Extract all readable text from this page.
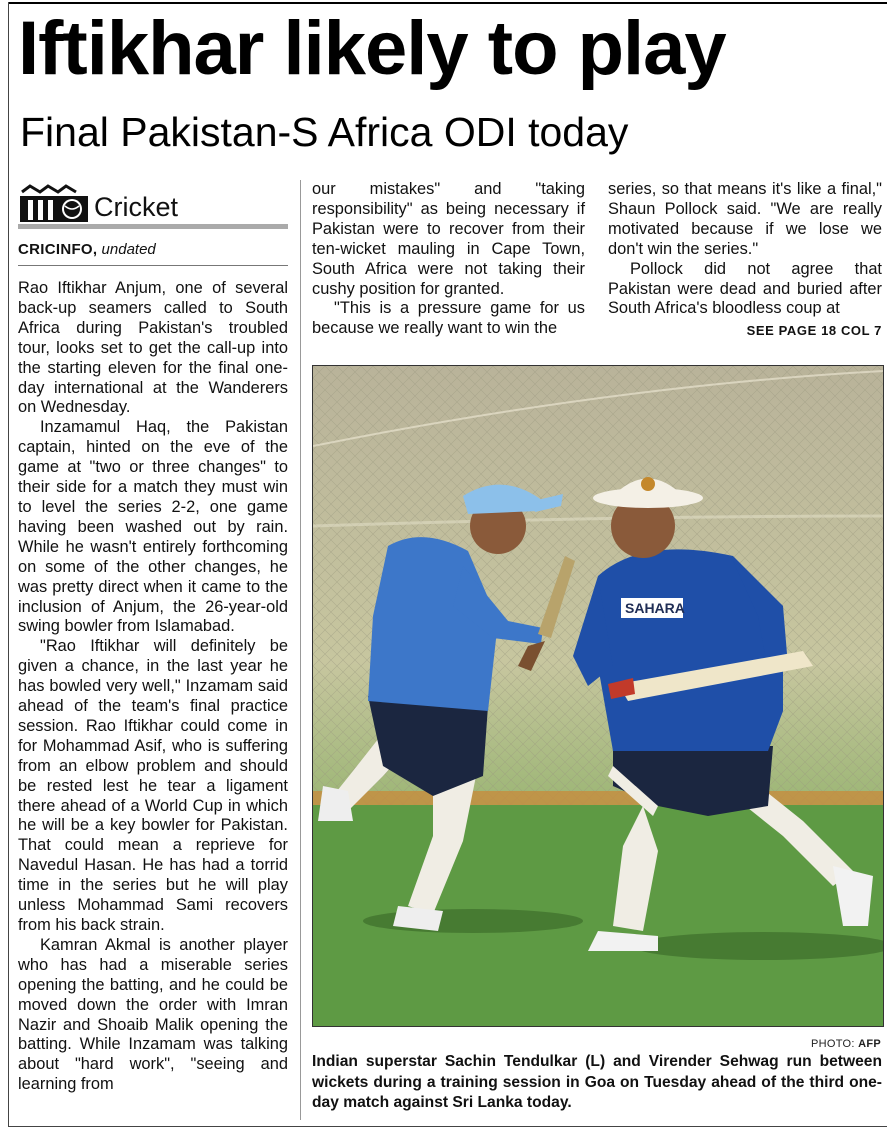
Iftikhar likely to play
Final Pakistan-S Africa ODI today
Cricket
CRICINFO, undated

Rao Iftikhar Anjum, one of several back-up seamers called to South Africa during Pakistan's troubled tour, looks set to get the call-up into the starting eleven for the final one-day international at the Wanderers on Wednesday.

Inzamamul Haq, the Pakistan captain, hinted on the eve of the game at "two or three changes" to their side for a match they must win to level the series 2-2, one game having been washed out by rain. While he wasn't entirely forthcoming on some of the other changes, he was pretty direct when it came to the inclusion of Anjum, the 26-year-old swing bowler from Islamabad.

"Rao Iftikhar will definitely be given a chance, in the last year he has bowled very well," Inzamam said ahead of the team's final practice session. Rao Iftikhar could come in for Mohammad Asif, who is suffering from an elbow problem and should be rested lest he tear a ligament there ahead of a World Cup in which he will be a key bowler for Pakistan. That could mean a reprieve for Navedul Hasan. He has had a torrid time in the series but he will play unless Mohammad Sami recovers from his back strain.

Kamran Akmal is another player who has had a miserable series opening the batting, and he could be moved down the order with Imran Nazir and Shoaib Malik opening the batting. While Inzamam was talking about "hard work", "seeing and learning from

our mistakes" and "taking responsibility" as being necessary if Pakistan were to recover from their ten-wicket mauling in Cape Town, South Africa were not taking their cushy position for granted.

"This is a pressure game for us because we really want to win the

series, so that means it's like a final," Shaun Pollock said. "We are really motivated because if we lose we don't win the series."

Pollock did not agree that Pakistan were dead and buried after South Africa's bloodless coup at

SEE PAGE 18 COL 7

SAHARA
PHOTO: AFP

Indian superstar Sachin Tendulkar (L) and Virender Sehwag run between wickets during a training session in Goa on Tuesday ahead of the third one-day match against Sri Lanka today.
